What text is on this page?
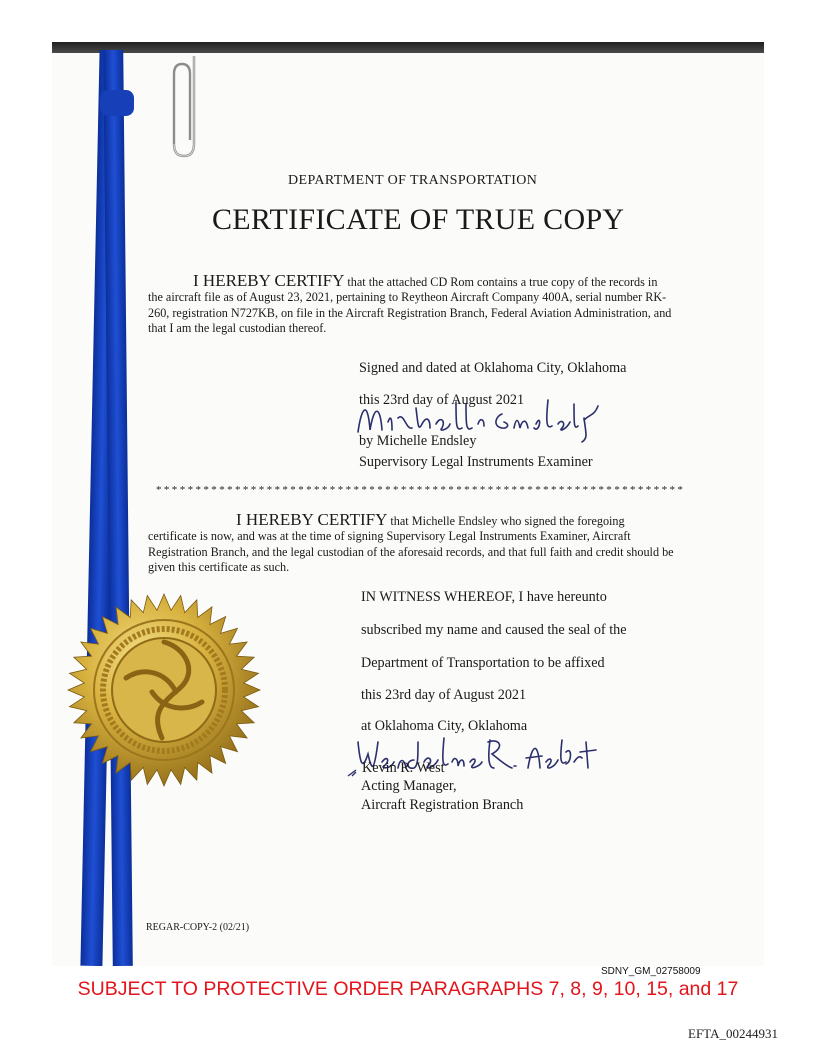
DEPARTMENT OF TRANSPORTATION
CERTIFICATE OF TRUE COPY
I HEREBY CERTIFY that the attached CD Rom contains a true copy of the records in
the aircraft file as of August 23, 2021, pertaining to Reytheon Aircraft Company 400A, serial number RK-
260, registration N727KB, on file in the Aircraft Registration Branch, Federal Aviation Administration, and
that I am the legal custodian thereof.
Signed and dated at Oklahoma City, Oklahoma
this 23rd day of August 2021
by Michelle Endsley
Supervisory Legal Instruments Examiner
*******************************************************************
I HEREBY CERTIFY that Michelle Endsley who signed the foregoing
certificate is now, and was at the time of signing Supervisory Legal Instruments Examiner, Aircraft
Registration Branch, and the legal custodian of the aforesaid records, and that full faith and credit should be
given this certificate as such.
IN WITNESS WHEREOF, I have hereunto
subscribed my name and caused the seal of the
Department of Transportation to be affixed
this 23rd day of August 2021
at Oklahoma City, Oklahoma
Kevin R. West
Acting Manager,
Aircraft Registration Branch
REGAR-COPY-2 (02/21)
SDNY_GM_02758009
SUBJECT TO PROTECTIVE ORDER PARAGRAPHS 7, 8, 9, 10, 15, and 17
EFTA_00244931
